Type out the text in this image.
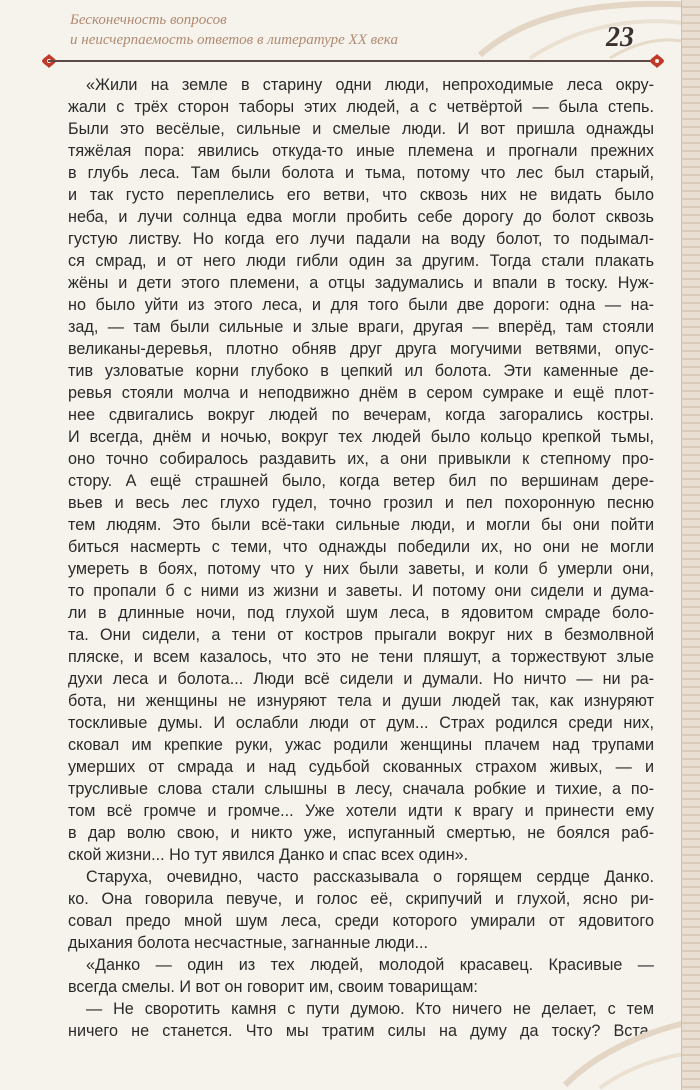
Бесконечность вопросов
и неисчерпаемость ответов в литературе XX века	23
«Жили на земле в старину одни люди, непроходимые леса окру-
жали с трёх сторон таборы этих людей, а с четвёртой — была степь.
Были это весёлые, сильные и смелые люди. И вот пришла однажды
тяжёлая пора: явились откуда-то иные племена и прогнали прежних
в глубь леса. Там были болота и тьма, потому что лес был старый,
и так густо переплелись его ветви, что сквозь них не видать было
неба, и лучи солнца едва могли пробить себе дорогу до болот сквозь
густую листву. Но когда его лучи падали на воду болот, то подымал-
ся смрад, и от него люди гибли один за другим. Тогда стали плакать
жёны и дети этого племени, а отцы задумались и впали в тоску. Нуж-
но было уйти из этого леса, и для того были две дороги: одна — на-
зад, — там были сильные и злые враги, другая — вперёд, там стояли
великаны-деревья, плотно обняв друг друга могучими ветвями, опус-
тив узловатые корни глубоко в цепкий ил болота. Эти каменные де-
ревья стояли молча и неподвижно днём в сером сумраке и ещё плот-
нее сдвигались вокруг людей по вечерам, когда загорались костры.
И всегда, днём и ночью, вокруг тех людей было кольцо крепкой тьмы,
оно точно собиралось раздавить их, а они привыкли к степному про-
стору. А ещё страшней было, когда ветер бил по вершинам дере-
вьев и весь лес глухо гудел, точно грозил и пел похоронную песню
тем людям. Это были всё-таки сильные люди, и могли бы они пойти
биться насмерть с теми, что однажды победили их, но они не могли
умереть в боях, потому что у них были заветы, и коли б умерли они,
то пропали б с ними из жизни и заветы. И потому они сидели и дума-
ли в длинные ночи, под глухой шум леса, в ядовитом смраде боло-
та. Они сидели, а тени от костров прыгали вокруг них в безмолвной
пляске, и всем казалось, что это не тени пляшут, а торжествуют злые
духи леса и болота... Люди всё сидели и думали. Но ничто — ни ра-
бота, ни женщины не изнуряют тела и души людей так, как изнуряют
тоскливые думы. И ослабли люди от дум... Страх родился среди них,
сковал им крепкие руки, ужас родили женщины плачем над трупами
умерших от смрада и над судьбой скованных страхом живых, — и
трусливые слова стали слышны в лесу, сначала робкие и тихие, а по-
том всё громче и громче... Уже хотели идти к врагу и принести ему
в дар волю свою, и никто уже, испуганный смертью, не боялся раб-
ской жизни... Но тут явился Данко и спас всех один».
Старуха, очевидно, часто рассказывала о горящем сердце Данко.
ко. Она говорила певуче, и голос её, скрипучий и глухой, ясно ри-
совал предо мной шум леса, среди которого умирали от ядовитого
дыхания болота несчастные, загнанные люди...
«Данко — один из тех людей, молодой красавец. Красивые —
всегда смелы. И вот он говорит им, своим товарищам:
— Не своротить камня с пути думою. Кто ничего не делает, с тем
ничего не станется. Что мы тратим силы на думу да тоску? Вста-
